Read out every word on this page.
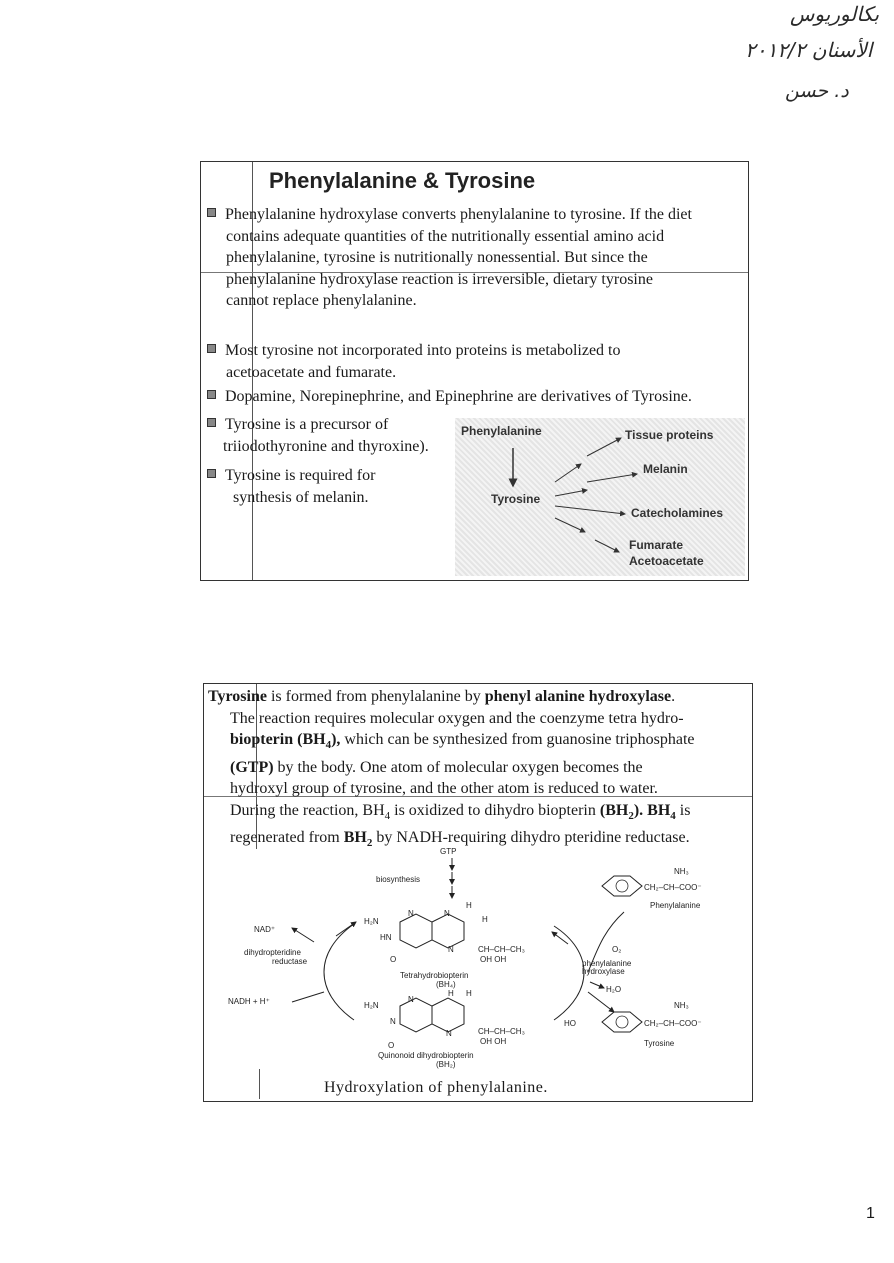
بكالوريوس
الأسنان ٢٠١٢/٢
د. حسن
Phenylalanine & Tyrosine
Phenylalanine hydroxylase converts phenylalanine to tyrosine. If the diet
contains adequate quantities of the nutritionally essential amino acid
phenylalanine, tyrosine is nutritionally nonessential. But since the
phenylalanine hydroxylase reaction is irreversible, dietary tyrosine
cannot replace phenylalanine.
Most tyrosine not incorporated into proteins is metabolized to
acetoacetate and fumarate.
Dopamine, Norepinephrine, and Epinephrine are derivatives of Tyrosine.
Tyrosine is a precursor of
triiodothyronine and thyroxine).
Tyrosine is required for
synthesis of melanin.
Phenylalanine
Tyrosine
Tissue proteins
Melanin
Catecholamines
Fumarate
Acetoacetate
Tyrosine is formed from phenylalanine by phenyl alanine hydroxylase.
The reaction requires molecular oxygen and the coenzyme tetra hydro-
biopterin $(BH_4)$, which can be synthesized from guanosine triphosphate
(GTP) by the body. One atom of molecular oxygen becomes the
hydroxyl group of tyrosine, and the other atom is reduced to water.
During the reaction, $BH_4$ is oxidized to dihydro biopterin $(BH_2)$. $BH_4$ is
regenerated from $BH_2$ by NADH-requiring dihydro pteridine reductase.
GTP
biosynthesis
H₂N
N	N
H
H
HN
N
O
CH–CH–CH₃
OH OH
Tetrahydrobiopterin
(BH₄)
H₂N
N
H H
N
N
O
CH–CH–CH₃
OH OH
Quinonoid dihydrobiopterin
(BH₂)
NAD⁺
dihydropteridine
reductase
NADH + H⁺
O₂
phenylalanine
hydroxylase
H₂O
CH₂–CH–COO⁻
NH₃
Phenylalanine
HO	CH₂–CH–COO⁻
NH₃
Tyrosine
Hydroxylation of phenylalanine.
1
